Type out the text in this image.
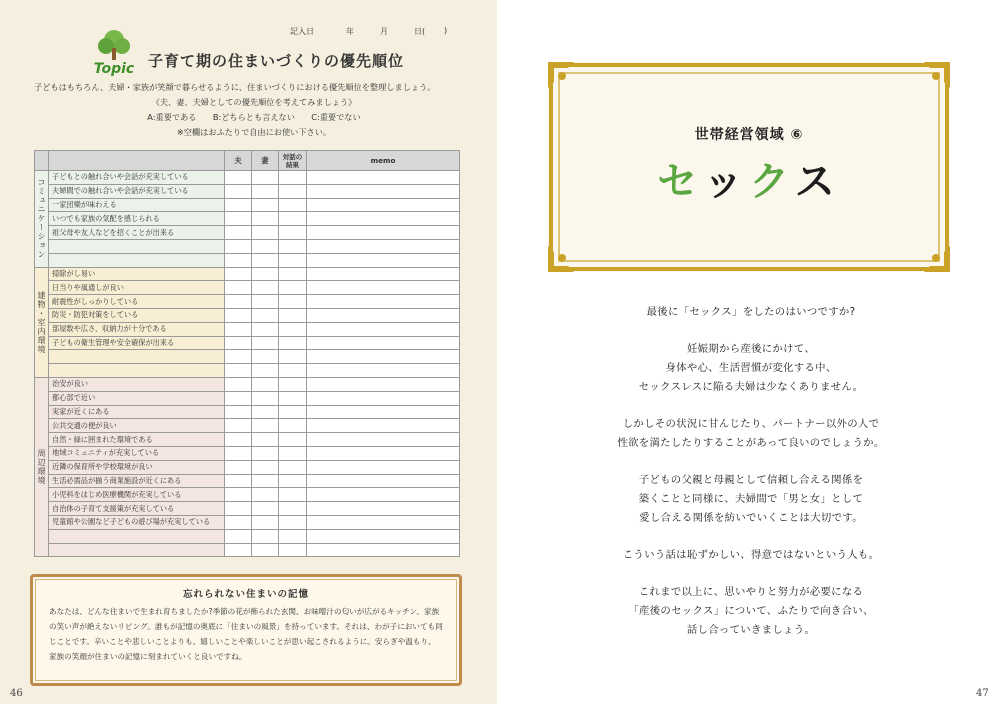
記入日	年	月	日( )
Topic 子育て期の住まいづくりの優先順位
子どもはもちろん、夫婦・家族が笑顔で暮らせるように、住まいづくりにおける優先順位を整理しましょう。
《夫、妻、夫婦としての優先順位を考えてみましょう》
A:重要である　　B:どちらとも言えない　　C:重要でない
※空欄はおふたりで自由にお使い下さい。
		夫	妻	対話の結果	memo
コミュニケーション	子どもとの触れ合いや会話が充実している				
	夫婦間での触れ合いや会話が充実している				
	一家団欒が味わえる				
	いつでも家族の気配を感じられる				
	祖父母や友人などを招くことが出来る				

建物・室内環境	掃除がし易い				
	日当りや風通しが良い				
	耐震性がしっかりしている				
	防災・防犯対策をしている				
	部屋数や広さ、収納力が十分である				
	子どもの衛生管理や安全確保が出来る				

周辺環境	治安が良い				
	都心部で近い				
	実家が近くにある				
	公共交通の便が良い				
	自然・緑に囲まれた環境である				
	地域コミュニティが充実している				
	近隣の保育所や学校環境が良い				
	生活必需品が揃う商業施設が近くにある				
	小児科をはじめ医療機関が充実している				
	自治体の子育て支援策が充実している				
	児童館や公園など子どもの遊び場が充実している				

忘れられない住まいの記憶
あなたは、どんな住まいで生まれ育ちましたか?季節の花が飾られた玄関、お味噌汁の匂いが広がるキッチン、家族の笑い声が絶えないリビング。誰もが記憶の奥底に「住まいの風景」を持っています。それは、わが子においても同じことです。辛いことや悲しいことよりも、嬉しいことや楽しいことが思い起こされるように。安らぎや温もり、家族の笑顔が住まいの記憶に刻まれていくと良いですね。
46
世帯経営領域 ⑥
セックス

最後に「セックス」をしたのはいつですか?

妊娠期から産後にかけて、
身体や心、生活習慣が変化する中、
セックスレスに陥る夫婦は少なくありません。

しかしその状況に甘んじたり、パートナー以外の人で
性欲を満たしたりすることがあって良いのでしょうか。

子どもの父親と母親として信頼し合える関係を
築くことと同様に、夫婦間で「男と女」として
愛し合える関係を紡いでいくことは大切です。

こういう話は恥ずかしい、得意ではないという人も。

これまで以上に、思いやりと努力が必要になる
「産後のセックス」について、ふたりで向き合い、
話し合っていきましょう。

47
